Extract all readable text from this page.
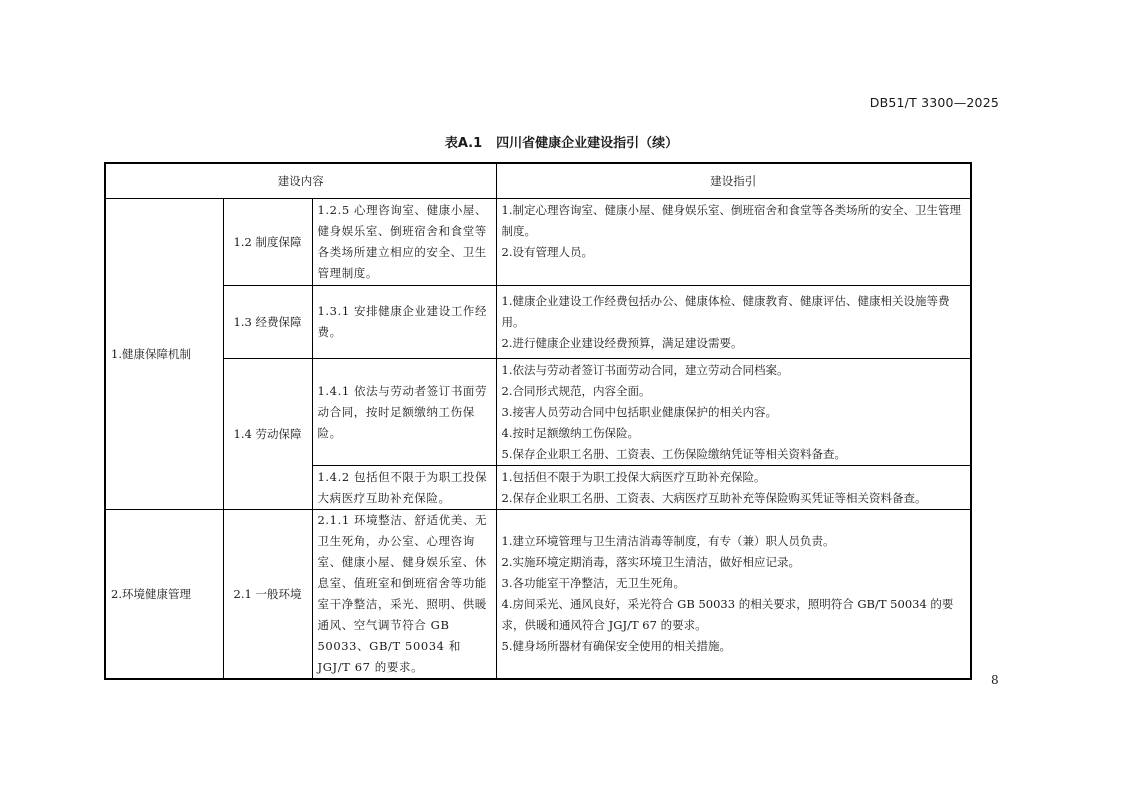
DB51/T 3300—2025
表A.1 四川省健康企业建设指引（续）
建设内容			建设指引
1.健康保障机制	1.2 制度保障	1.2.5 心理咨询室、健康小屋、健身娱乐室、倒班宿舍和食堂等各类场所建立相应的安全、卫生管理制度。	1.制定心理咨询室、健康小屋、健身娱乐室、倒班宿舍和食堂等各类场所的安全、卫生管理制度。
2.设有管理人员。

	1.3 经费保障	1.3.1 安排健康企业建设工作经费。	1.健康企业建设工作经费包括办公、健康体检、健康教育、健康评估、健康相关设施等费用。
2.进行健康企业建设经费预算，满足建设需要。

	1.4 劳动保障	1.4.1 依法与劳动者签订书面劳动合同，按时足额缴纳工伤保险。	1.依法与劳动者签订书面劳动合同，建立劳动合同档案。
2.合同形式规范，内容全面。
3.接害人员劳动合同中包括职业健康保护的相关内容。
4.按时足额缴纳工伤保险。
5.保存企业职工名册、工资表、工伤保险缴纳凭证等相关资料备查。

		1.4.2 包括但不限于为职工投保大病医疗互助补充保险。	1.包括但不限于为职工投保大病医疗互助补充保险。
2.保存企业职工名册、工资表、大病医疗互助补充等保险购买凭证等相关资料备查。

2.环境健康管理	2.1 一般环境	2.1.1 环境整洁、舒适优美、无卫生死角，办公室、心理咨询室、健康小屋、健身娱乐室、休息室、值班室和倒班宿舍等功能室干净整洁，采光、照明、供暖通风、空气调节符合 GB 50033、GB/T 50034 和 JGJ/T 67 的要求。	1.建立环境管理与卫生清洁消毒等制度，有专（兼）职人员负责。
2.实施环境定期消毒，落实环境卫生清洁，做好相应记录。
3.各功能室干净整洁，无卫生死角。
4.房间采光、通风良好，采光符合 GB 50033 的相关要求，照明符合 GB/T 50034 的要求，供暖和通风符合 JGJ/T 67 的要求。
5.健身场所器材有确保安全使用的相关措施。
8
